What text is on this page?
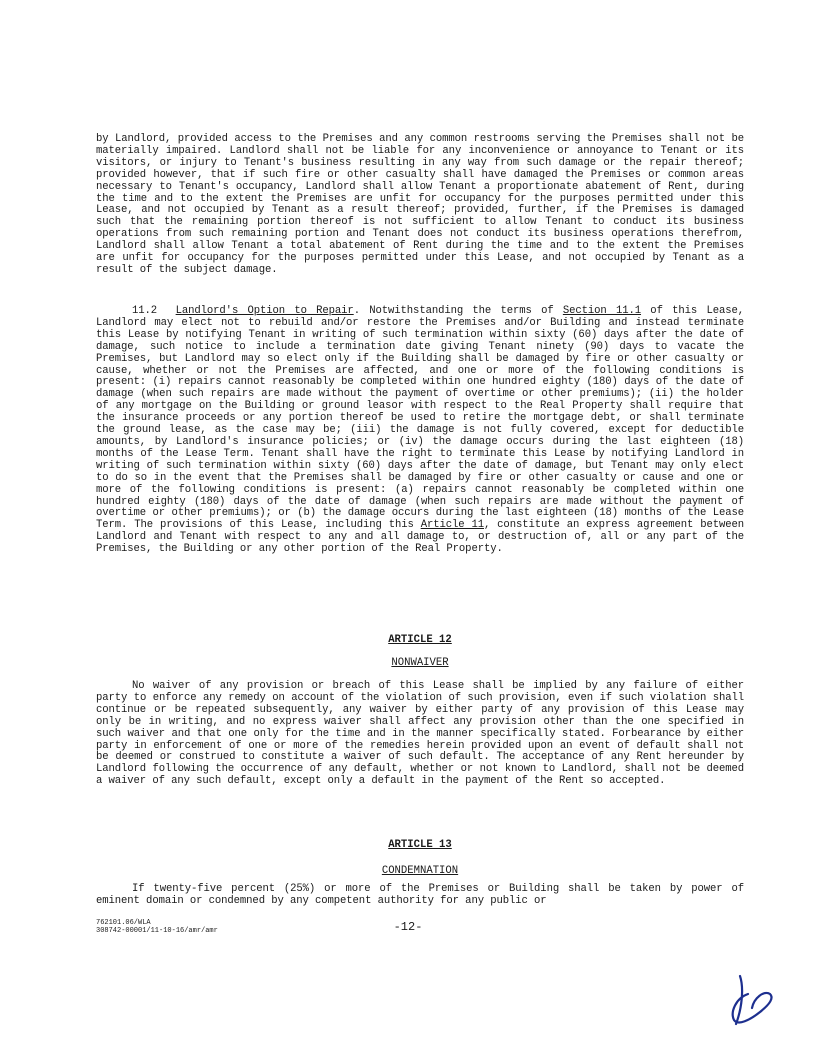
by Landlord, provided access to the Premises and any common restrooms serving the Premises shall not be materially impaired. Landlord shall not be liable for any inconvenience or annoyance to Tenant or its visitors, or injury to Tenant's business resulting in any way from such damage or the repair thereof; provided however, that if such fire or other casualty shall have damaged the Premises or common areas necessary to Tenant's occupancy, Landlord shall allow Tenant a proportionate abatement of Rent, during the time and to the extent the Premises are unfit for occupancy for the purposes permitted under this Lease, and not occupied by Tenant as a result thereof; provided, further, if the Premises is damaged such that the remaining portion thereof is not sufficient to allow Tenant to conduct its business operations from such remaining portion and Tenant does not conduct its business operations therefrom, Landlord shall allow Tenant a total abatement of Rent during the time and to the extent the Premises are unfit for occupancy for the purposes permitted under this Lease, and not occupied by Tenant as a result of the subject damage.
11.2 Landlord's Option to Repair. Notwithstanding the terms of Section 11.1 of this Lease, Landlord may elect not to rebuild and/or restore the Premises and/or Building and instead terminate this Lease by notifying Tenant in writing of such termination within sixty (60) days after the date of damage, such notice to include a termination date giving Tenant ninety (90) days to vacate the Premises, but Landlord may so elect only if the Building shall be damaged by fire or other casualty or cause, whether or not the Premises are affected, and one or more of the following conditions is present: (i) repairs cannot reasonably be completed within one hundred eighty (180) days of the date of damage (when such repairs are made without the payment of overtime or other premiums); (ii) the holder of any mortgage on the Building or ground leasor with respect to the Real Property shall require that the insurance proceeds or any portion thereof be used to retire the mortgage debt, or shall terminate the ground lease, as the case may be; (iii) the damage is not fully covered, except for deductible amounts, by Landlord's insurance policies; or (iv) the damage occurs during the last eighteen (18) months of the Lease Term. Tenant shall have the right to terminate this Lease by notifying Landlord in writing of such termination within sixty (60) days after the date of damage, but Tenant may only elect to do so in the event that the Premises shall be damaged by fire or other casualty or cause and one or more of the following conditions is present: (a) repairs cannot reasonably be completed within one hundred eighty (180) days of the date of damage (when such repairs are made without the payment of overtime or other premiums); or (b) the damage occurs during the last eighteen (18) months of the Lease Term. The provisions of this Lease, including this Article 11, constitute an express agreement between Landlord and Tenant with respect to any and all damage to, or destruction of, all or any part of the Premises, the Building or any other portion of the Real Property.
ARTICLE 12
NONWAIVER
No waiver of any provision or breach of this Lease shall be implied by any failure of either party to enforce any remedy on account of the violation of such provision, even if such violation shall continue or be repeated subsequently, any waiver by either party of any provision of this Lease may only be in writing, and no express waiver shall affect any provision other than the one specified in such waiver and that one only for the time and in the manner specifically stated. Forbearance by either party in enforcement of one or more of the remedies herein provided upon an event of default shall not be deemed or construed to constitute a waiver of such default. The acceptance of any Rent hereunder by Landlord following the occurrence of any default, whether or not known to Landlord, shall not be deemed a waiver of any such default, except only a default in the payment of the Rent so accepted.
ARTICLE 13
CONDEMNATION
If twenty-five percent (25%) or more of the Premises or Building shall be taken by power of eminent domain or condemned by any competent authority for any public or
762101.06/WLA
308742-00001/11-10-16/amr/amr	-12-
